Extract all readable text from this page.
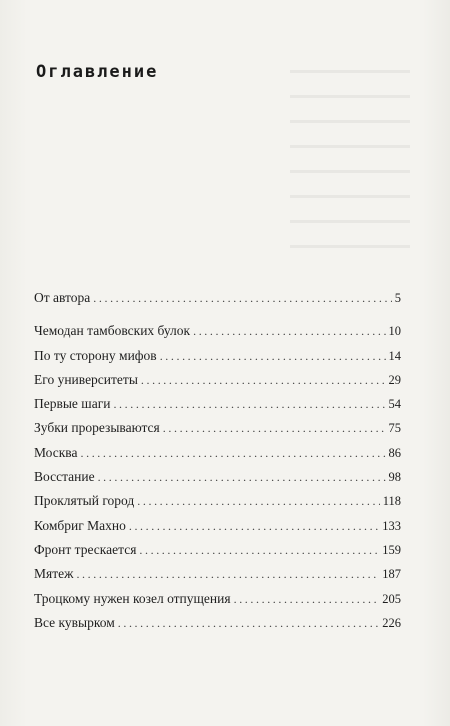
Оглавление
От автора .....	5
Чемодан тамбовских булок .....	10
По ту сторону мифов .....	14
Его университеты .....	29
Первые шаги .....	54
Зубки прорезываются .....	75
Москва .....	86
Восстание .....	98
Проклятый город .....	118
Комбриг Махно .....	133
Фронт трескается .....	159
Мятеж .....	187
Троцкому нужен козел отпущения .....	205
Все кувырком .....	226
